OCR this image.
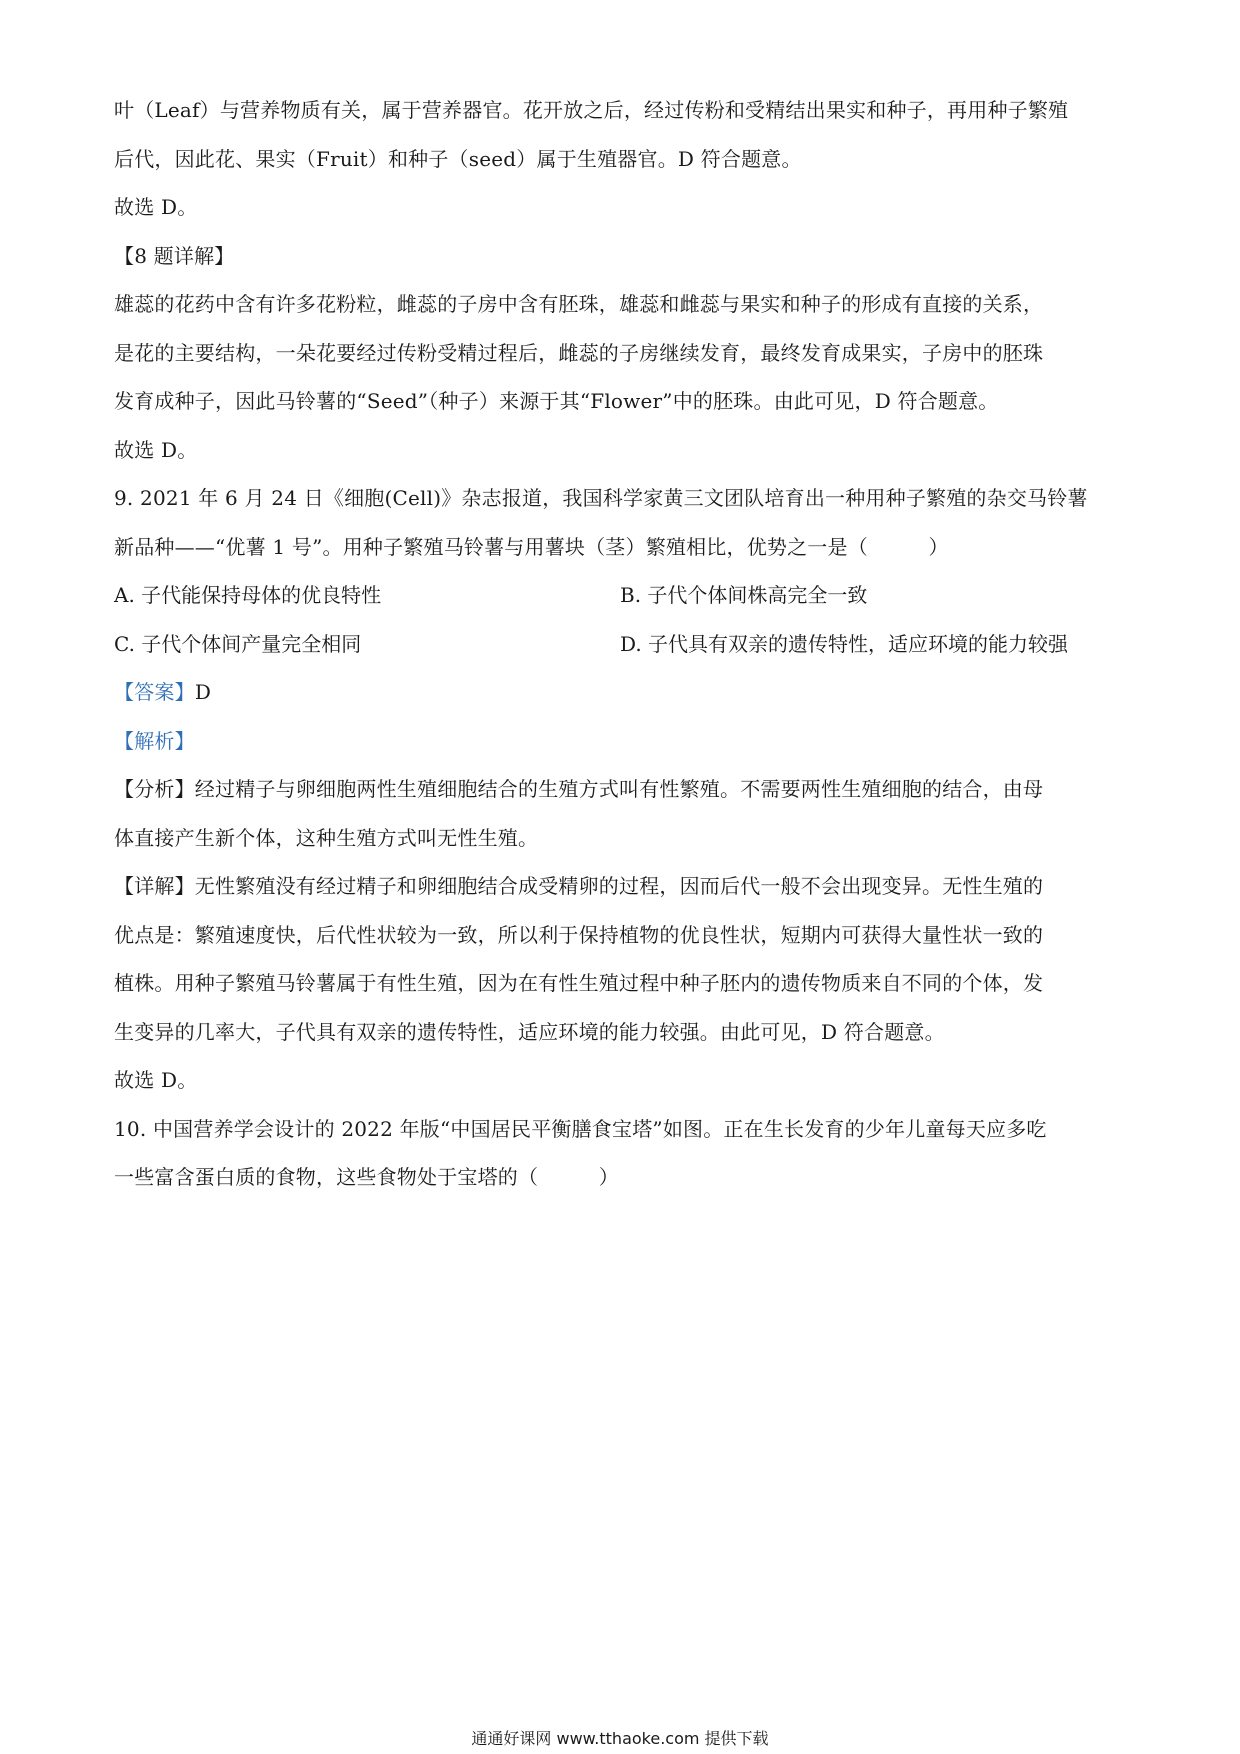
叶（Leaf）与营养物质有关，属于营养器官。花开放之后，经过传粉和受精结出果实和种子，再用种子繁殖
后代，因此花、果实（Fruit）和种子（seed）属于生殖器官。D 符合题意。
故选 D。
【8 题详解】
雄蕊的花药中含有许多花粉粒，雌蕊的子房中含有胚珠，雄蕊和雌蕊与果实和种子的形成有直接的关系，
是花的主要结构，一朵花要经过传粉受精过程后，雌蕊的子房继续发育，最终发育成果实，子房中的胚珠
发育成种子，因此马铃薯的“Seed”（种子）来源于其“Flower”中的胚珠。由此可见，D 符合题意。
故选 D。
9. 2021 年 6 月 24 日《细胞(Cell)》杂志报道，我国科学家黄三文团队培育出一种用种子繁殖的杂交马铃薯
新品种——“优薯 1 号”。用种子繁殖马铃薯与用薯块（茎）繁殖相比，优势之一是（　　　）
A. 子代能保持母体的优良特性	B. 子代个体间株高完全一致
C. 子代个体间产量完全相同	D. 子代具有双亲的遗传特性，适应环境的能力较强
【答案】D
【解析】
【分析】经过精子与卵细胞两性生殖细胞结合的生殖方式叫有性繁殖。不需要两性生殖细胞的结合，由母
体直接产生新个体，这种生殖方式叫无性生殖。
【详解】无性繁殖没有经过精子和卵细胞结合成受精卵的过程，因而后代一般不会出现变异。无性生殖的
优点是：繁殖速度快，后代性状较为一致，所以利于保持植物的优良性状，短期内可获得大量性状一致的
植株。用种子繁殖马铃薯属于有性生殖，因为在有性生殖过程中种子胚内的遗传物质来自不同的个体，发
生变异的几率大，子代具有双亲的遗传特性，适应环境的能力较强。由此可见，D 符合题意。
故选 D。
10. 中国营养学会设计的 2022 年版“中国居民平衡膳食宝塔”如图。正在生长发育的少年儿童每天应多吃
一些富含蛋白质的食物，这些食物处于宝塔的（　　　）
通通好课网 www.tthaoke.com 提供下载
